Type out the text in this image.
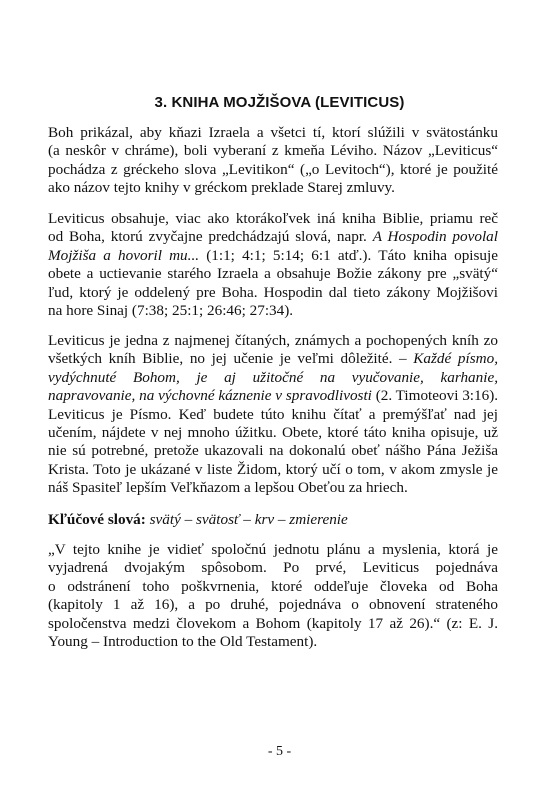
3. KNIHA MOJŽIŠOVA (LEVITICUS)
Boh prikázal, aby kňazi Izraela a všetci tí, ktorí slúžili v svätostánku
(a neskôr v chráme), boli vyberaní z kmeňa Léviho. Názov „Leviticus“
pochádza z gréckeho slova „Levitikon“ („o Levitoch“), ktoré je použité
ako názov tejto knihy v gréckom preklade Starej zmluvy.
Leviticus obsahuje, viac ako ktorákoľvek iná kniha Biblie, priamu reč
od Boha, ktorú zvyčajne predchádzajú slová, napr. A Hospodin povolal
Mojžiša a hovoril mu... (1:1; 4:1; 5:14; 6:1 atď.). Táto kniha opisuje
obete a uctievanie starého Izraela a obsahuje Božie zákony pre „svätý“
ľud, ktorý je oddelený pre Boha. Hospodin dal tieto zákony Mojžišovi
na hore Sinaj (7:38; 25:1; 26:46; 27:34).
Leviticus je jedna z najmenej čítaných, známych a pochopených kníh zo
všetkých kníh Biblie, no jej učenie je veľmi dôležité. – Každé písmo,
vydýchnuté Bohom, je aj užitočné na vyučovanie, karhanie,
napravovanie, na výchovné káznenie v spravodlivosti (2. Timoteovi 3:16).
Leviticus je Písmo. Keď budete túto knihu čítať a premýšľať nad jej
učením, nájdete v nej mnoho úžitku. Obete, ktoré táto kniha opisuje, už
nie sú potrebné, pretože ukazovali na dokonalú obeť nášho Pána Ježiša
Krista. Toto je ukázané v liste Židom, ktorý učí o tom, v akom zmysle je
náš Spasiteľ lepším Veľkňazom a lepšou Obeťou za hriech.
Kľúčové slová: svätý – svätosť – krv – zmierenie
„V tejto knihe je vidieť spoločnú jednotu plánu a myslenia, ktorá je
vyjadrená dvojakým spôsobom. Po prvé, Leviticus pojednáva
o odstránení toho poškvrnenia, ktoré oddeľuje človeka od Boha
(kapitoly 1 až 16), a po druhé, pojednáva o obnovení strateného
spoločenstva medzi človekom a Bohom (kapitoly 17 až 26).“ (z: E. J.
Young – Introduction to the Old Testament).
- 5 -
